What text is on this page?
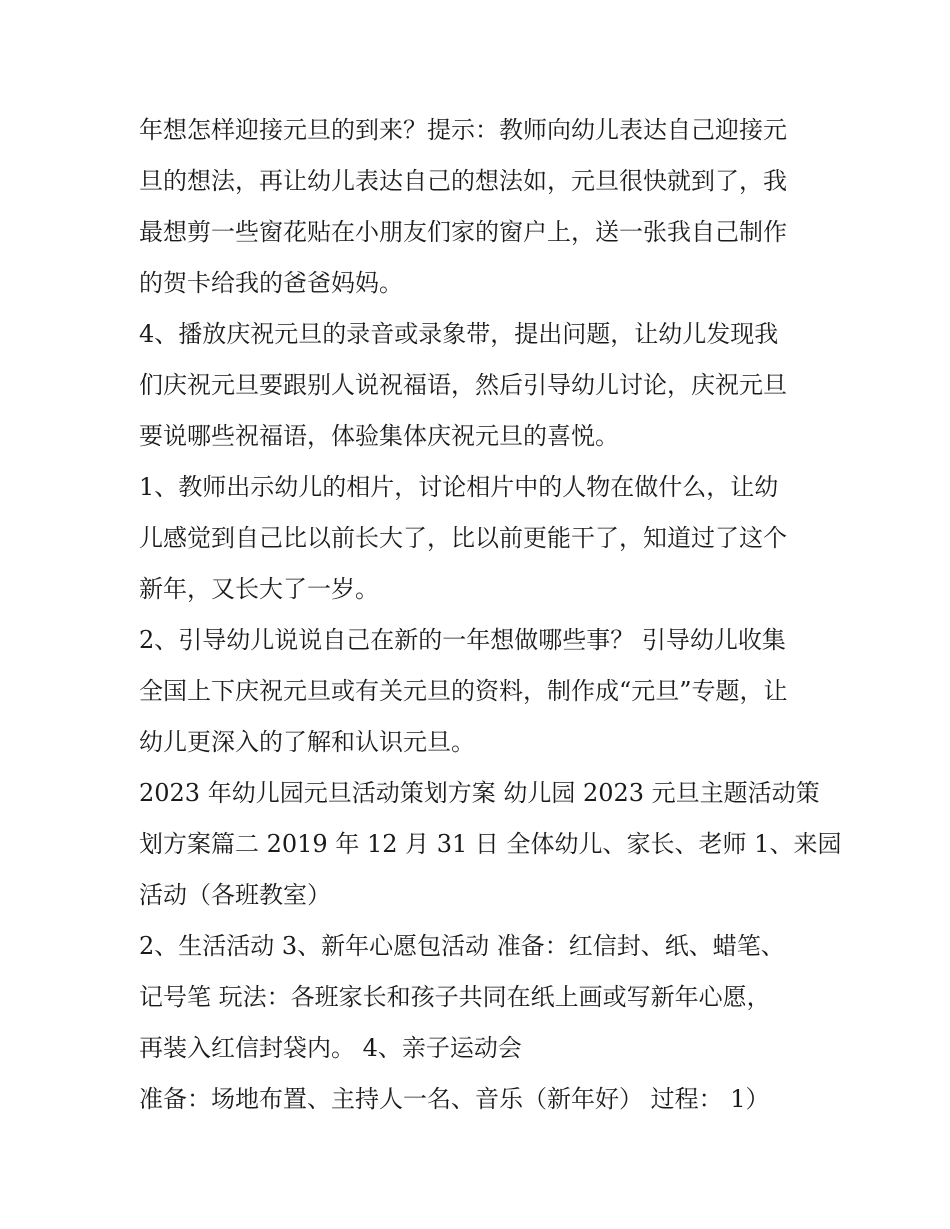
年想怎样迎接元旦的到来？提示：教师向幼儿表达自己迎接元
旦的想法，再让幼儿表达自己的想法如，元旦很快就到了，我
最想剪一些窗花贴在小朋友们家的窗户上，送一张我自己制作
的贺卡给我的爸爸妈妈。
4、播放庆祝元旦的录音或录象带，提出问题，让幼儿发现我
们庆祝元旦要跟别人说祝福语，然后引导幼儿讨论，庆祝元旦
要说哪些祝福语，体验集体庆祝元旦的喜悦。
1、教师出示幼儿的相片，讨论相片中的人物在做什么，让幼
儿感觉到自己比以前长大了，比以前更能干了，知道过了这个
新年，又长大了一岁。
2、引导幼儿说说自己在新的一年想做哪些事？ 引导幼儿收集
全国上下庆祝元旦或有关元旦的资料，制作成“元旦”专题，让
幼儿更深入的了解和认识元旦。
2023 年幼儿园元旦活动策划方案 幼儿园 2023 元旦主题活动策
划方案篇二 2019 年 12 月 31 日 全体幼儿、家长、老师 1、来园
活动（各班教室）
2、生活活动 3、新年心愿包活动 准备：红信封、纸、蜡笔、
记号笔 玩法：各班家长和孩子共同在纸上画或写新年心愿，
再装入红信封袋内。 4、亲子运动会
准备：场地布置、主持人一名、音乐（新年好） 过程： 1）
